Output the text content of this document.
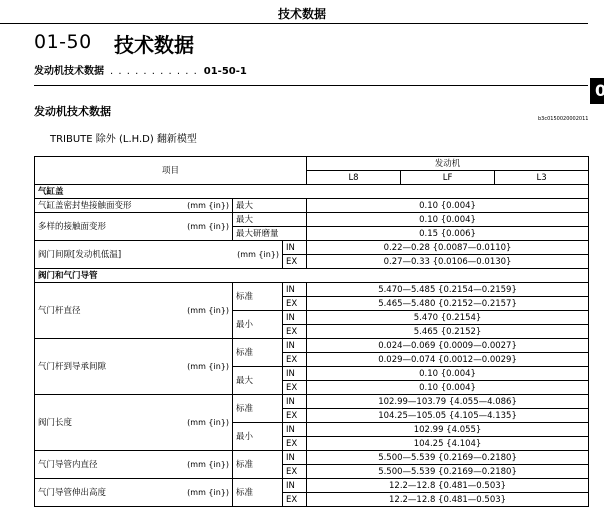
技术数据
01-50 技术数据
发动机技术数据 . . . . . . . . . . . 01-50-1
0
发动机技术数据
b3c0150020002011
TRIBUTE 除外 (L.H.D) 翻新模型
项目				发动机		
				L8	LF	L3
气缸盖						
气缸盖密封垫接触面变形	(mm {in})	最大		0.10 {0.004}		
多样的接触面变形	(mm {in})	最大		0.10 {0.004}		
		最大研磨量		0.15 {0.006}		
阀门间隙[发动机低温]	(mm {in})		IN	0.22—0.28 {0.0087—0.0110}		
			EX	0.27—0.33 {0.0106—0.0130}		
阀门和气门导管						
气门杆直径	(mm {in})	标准	IN	5.470—5.485 {0.2154—0.2159}		
			EX	5.465—5.480 {0.2152—0.2157}		
		最小	IN	5.470 {0.2154}		
			EX	5.465 {0.2152}		
气门杆到导承间隙	(mm {in})	标准	IN	0.024—0.069 {0.0009—0.0027}		
			EX	0.029—0.074 {0.0012—0.0029}		
		最大	IN	0.10 {0.004}		
			EX	0.10 {0.004}		
阀门长度	(mm {in})	标准	IN	102.99—103.79 {4.055—4.086}		
			EX	104.25—105.05 {4.105—4.135}		
		最小	IN	102.99 {4.055}		
			EX	104.25 {4.104}		
气门导管内直径	(mm {in})	标准	IN	5.500—5.539 {0.2169—0.2180}		
			EX	5.500—5.539 {0.2169—0.2180}		
气门导管伸出高度	(mm {in})	标准	IN	12.2—12.8 {0.481—0.503}		
			EX	12.2—12.8 {0.481—0.503}		
